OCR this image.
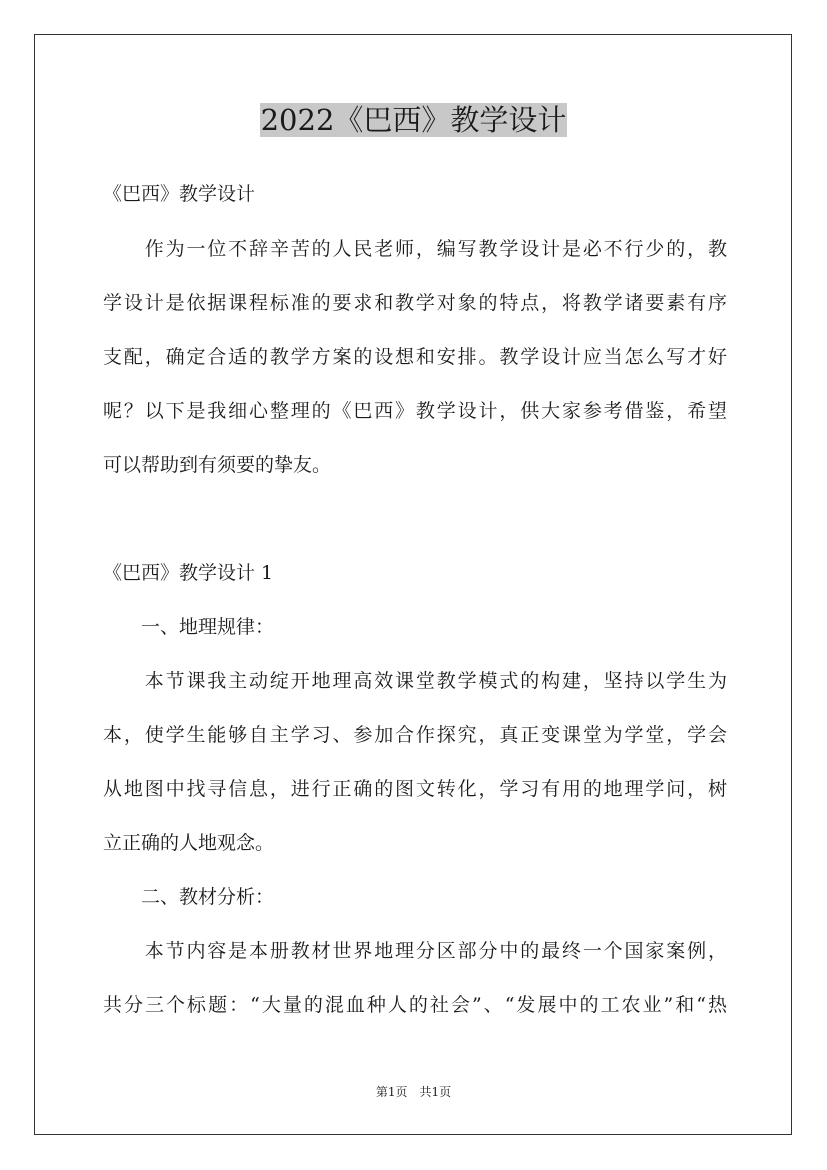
2022《巴西》教学设计
《巴西》教学设计
　　作为一位不辞辛苦的人民老师，编写教学设计是必不行少的，教
学设计是依据课程标准的要求和教学对象的特点，将教学诸要素有序
支配，确定合适的教学方案的设想和安排。教学设计应当怎么写才好
呢？以下是我细心整理的《巴西》教学设计，供大家参考借鉴，希望
可以帮助到有须要的挚友。
《巴西》教学设计 1
　　一、地理规律：
　　本节课我主动绽开地理高效课堂教学模式的构建，坚持以学生为
本，使学生能够自主学习、参加合作探究，真正变课堂为学堂，学会
从地图中找寻信息，进行正确的图文转化，学习有用的地理学问，树
立正确的人地观念。
　　二、教材分析：
　　本节内容是本册教材世界地理分区部分中的最终一个国家案例，
共分三个标题：“大量的混血种人的社会”、“发展中的工农业”和“热
第1页　共1页
